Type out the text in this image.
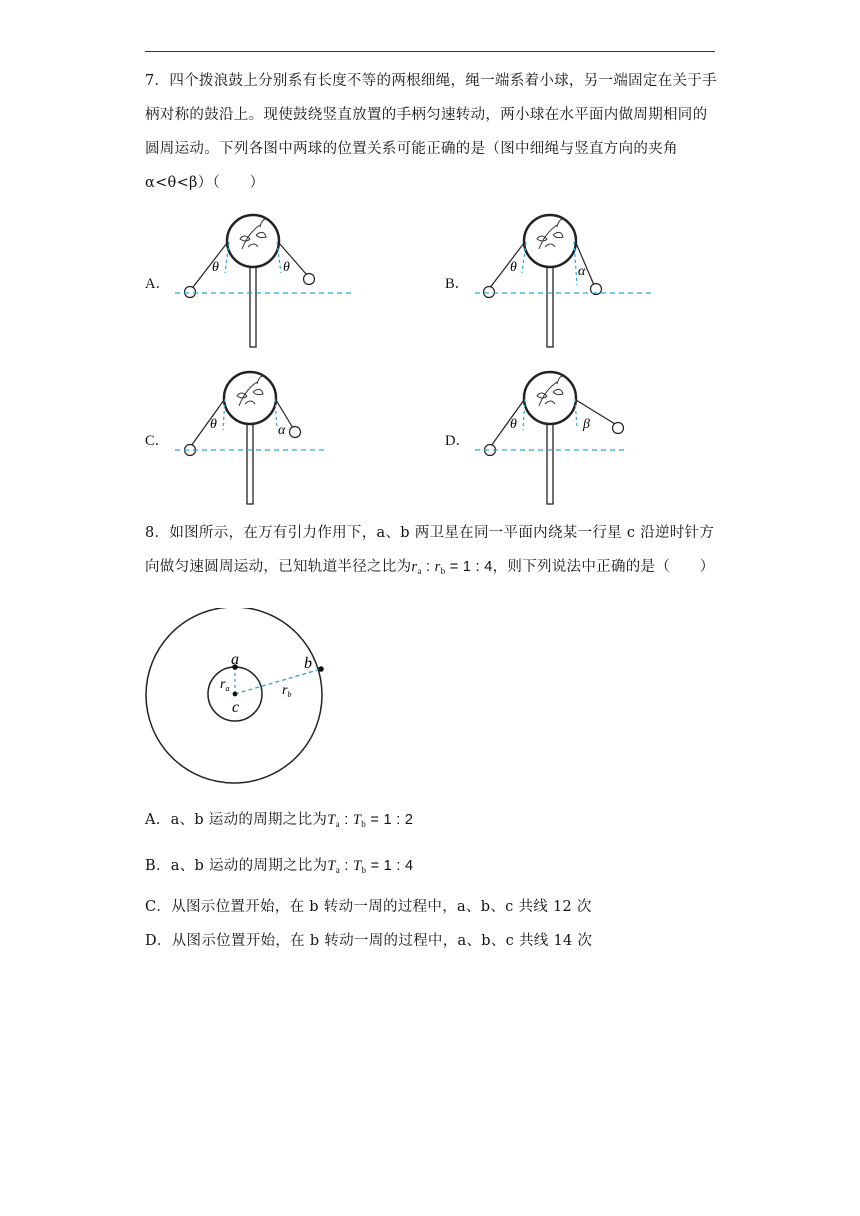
7．四个拨浪鼓上分别系有长度不等的两根细绳，绳一端系着小球，另一端固定在关于手柄对称的鼓沿上。现使鼓绕竖直放置的手柄匀速转动，两小球在水平面内做周期相同的圆周运动。下列各图中两球的位置关系可能正确的是（图中细绳与竖直方向的夹角α<θ<β）（　　）
A．	B．
C．	D．
θ	θ	θ	α
θ	α	θ	β
8．如图所示，在万有引力作用下，a、b 两卫星在同一平面内绕某一行星 c 沿逆时针方向做匀速圆周运动，已知轨道半径之比为$r_a$ : $r_b = 1$ : 4，则下列说法中正确的是（　　）
a	b
c
$r_a$	$r_b$
A．a、b 运动的周期之比为$T_a$ : $T_b = 1$ : 2
B．a、b 运动的周期之比为$T_a$ : $T_b = 1$ : 4
C．从图示位置开始，在 b 转动一周的过程中，a、b、c 共线 12 次
D．从图示位置开始，在 b 转动一周的过程中，a、b、c 共线 14 次
